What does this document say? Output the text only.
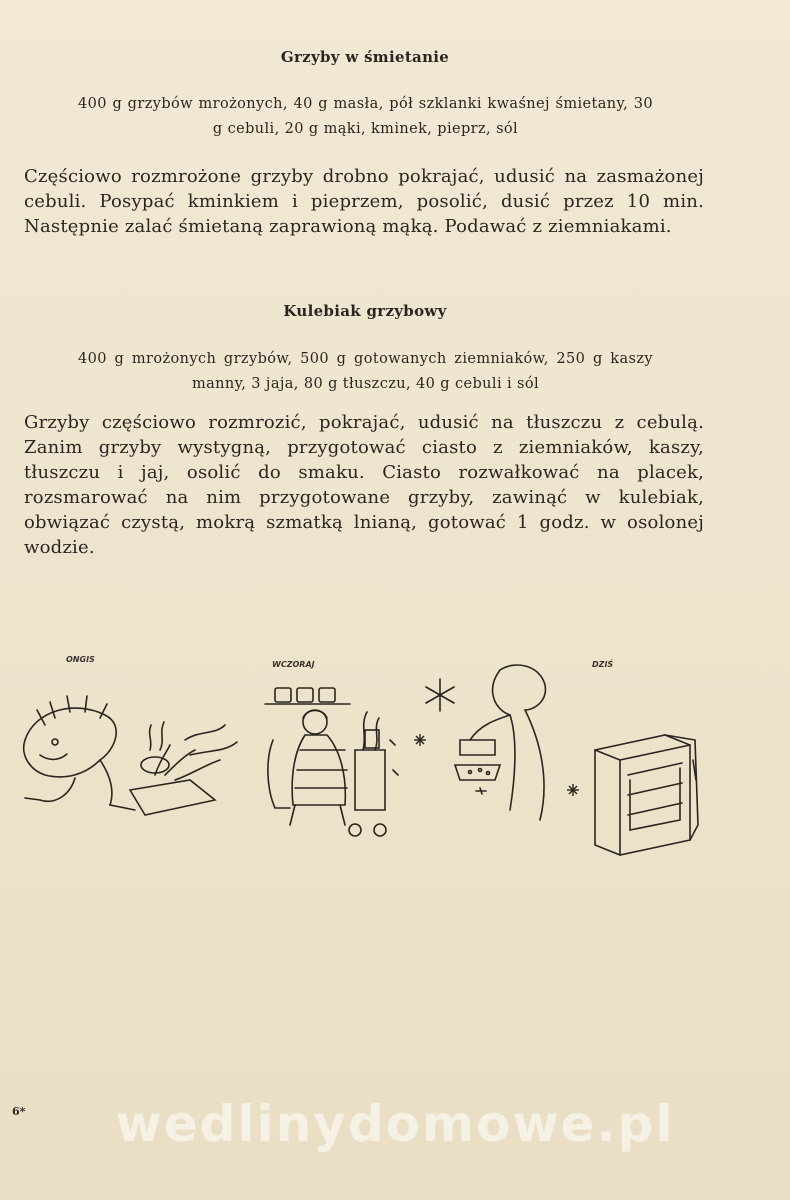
Grzyby w śmietanie
400 g grzybów mrożonych, 40 g masła, pół szklanki kwaśnej śmietany, 30 g cebuli, 20 g mąki, kminek, pieprz, sól
Częściowo rozmrożone grzyby drobno pokrajać, udusić na zasmażonej cebuli. Posypać kminkiem i pieprzem, posolić, dusić przez 10 min. Następnie zalać śmietaną zaprawioną mąką. Podawać z ziemniakami.
Kulebiak grzybowy
400 g mrożonych grzybów, 500 g gotowanych ziemniaków, 250 g kaszy manny, 3 jaja, 80 g tłuszczu, 40 g cebuli i sól
Grzyby częściowo rozmrozić, pokrajać, udusić na tłuszczu z cebulą. Zanim grzyby wystygną, przygotować ciasto z ziemniaków, kaszy, tłuszczu i jaj, osolić do smaku. Ciasto rozwałkować na placek, rozsmarować na nim przygotowane grzyby, zawinąć w kulebiak, obwiązać czystą, mokrą szmatką lnianą, gotować 1 godz. w osolonej wodzie.
ONGIS
WCZORAJ	DZIŚ
6*	wedlinydomowe.pl
